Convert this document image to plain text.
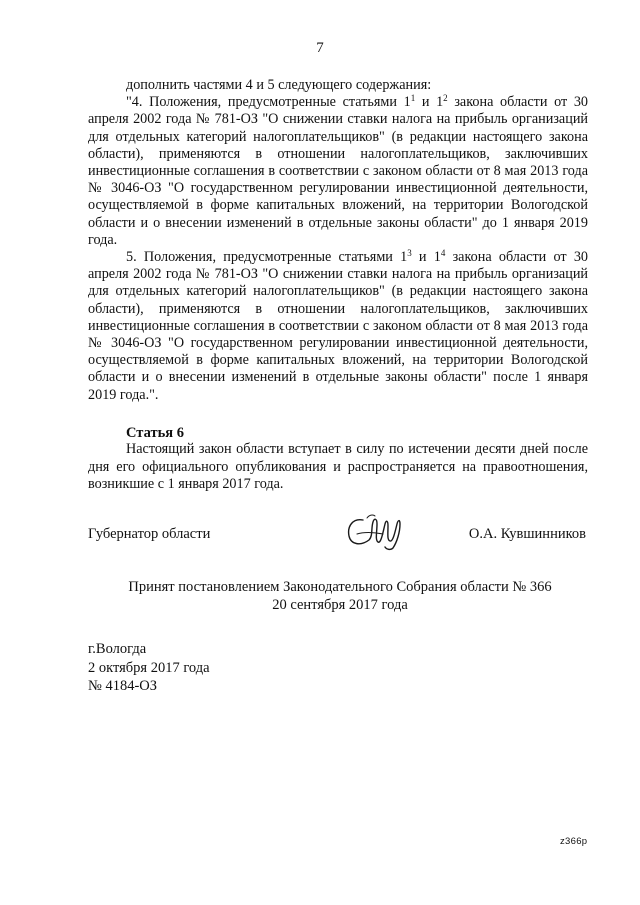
7

дополнить частями 4 и 5 следующего содержания:

"4. Положения, предусмотренные статьями $1^1$ и $1^2$ закона области от 30 апреля 2002 года № 781-ОЗ "О снижении ставки налога на прибыль организаций для отдельных категорий налогоплательщиков" (в редакции настоящего закона области), применяются в отношении налогоплательщиков, заключивших инвестиционные соглашения в соответствии с законом области от 8 мая 2013 года № 3046-ОЗ "О государственном регулировании инвестиционной деятельности, осуществляемой в форме капитальных вложений, на территории Вологодской области и о внесении изменений в отдельные законы области" до 1 января 2019 года.

5. Положения, предусмотренные статьями $1^3$ и $1^4$ закона области от 30 апреля 2002 года № 781-ОЗ "О снижении ставки налога на прибыль организаций для отдельных категорий налогоплательщиков" (в редакции настоящего закона области), применяются в отношении налогоплательщиков, заключивших инвестиционные соглашения в соответствии с законом области от 8 мая 2013 года № 3046-ОЗ "О государственном регулировании инвестиционной деятельности, осуществляемой в форме капитальных вложений, на территории Вологодской области и о внесении изменений в отдельные законы области" после 1 января 2019 года.".

Статья 6
Настоящий закон области вступает в силу по истечении десяти дней после дня его официального опубликования и распространяется на правоотношения, возникшие с 1 января 2017 года.
Губернатор области	О.А. Кувшинников
Принят постановлением Законодательного Собрания области № 366
20 сентября 2017 года
г.Вологда
2 октября 2017 года
№ 4184-ОЗ
z366p
